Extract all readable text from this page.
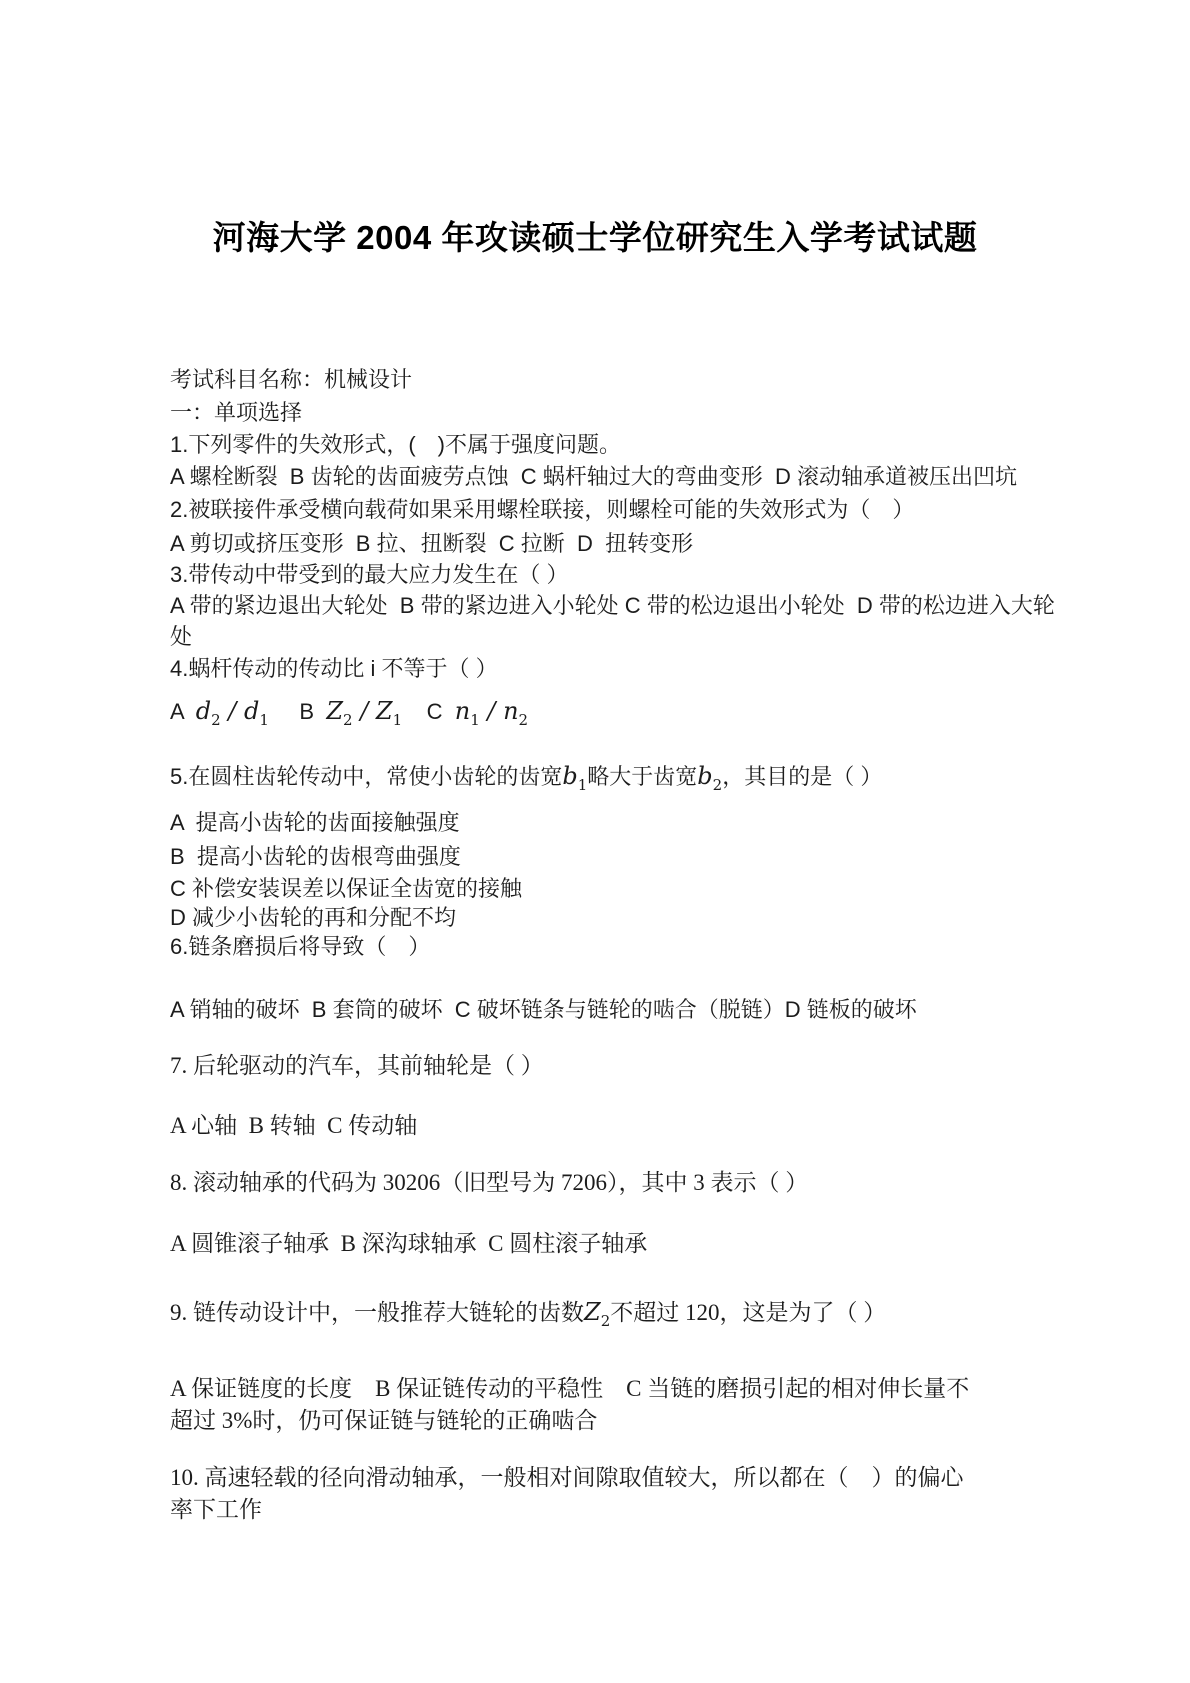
河海大学 2004 年攻读硕士学位研究生入学考试试题
考试科目名称：机械设计
一：单项选择
1.下列零件的失效形式，(　)不属于强度问题。
A 螺栓断裂  B 齿轮的齿面疲劳点蚀  C 蜗杆轴过大的弯曲变形  D 滚动轴承道被压出凹坑
2.被联接件承受横向载荷如果采用螺栓联接，则螺栓可能的失效形式为（　）
A 剪切或挤压变形  B 拉、扭断裂  C 拉断  D  扭转变形
3.带传动中带受到的最大应力发生在（ ）
A 带的紧边退出大轮处  B 带的紧边进入小轮处 C 带的松边退出小轮处  D 带的松边进入大轮
处
4.蜗杆传动的传动比 i 不等于（ ）
A  $d_2 / d_1$     B  $Z_2 / Z_1$    C  $n_1 / n_2$
5.在圆柱齿轮传动中，常使小齿轮的齿宽$b_1$略大于齿宽$b_2$，其目的是（ ）
A  提高小齿轮的齿面接触强度
B  提高小齿轮的齿根弯曲强度
C 补偿安装误差以保证全齿宽的接触
D 减少小齿轮的再和分配不均
6.链条磨损后将导致（　）
A 销轴的破坏  B 套筒的破坏  C 破坏链条与链轮的啮合（脱链）D 链板的破坏
7. 后轮驱动的汽车，其前轴轮是（ ）
A 心轴  B 转轴  C 传动轴
8. 滚动轴承的代码为 30206（旧型号为 7206），其中 3 表示（ ）
A 圆锥滚子轴承  B 深沟球轴承  C 圆柱滚子轴承
9. 链传动设计中，一般推荐大链轮的齿数$Z_2$不超过 120，这是为了（ ）
A 保证链度的长度    B 保证链传动的平稳性    C 当链的磨损引起的相对伸长量不
超过 3%时，仍可保证链与链轮的正确啮合
10. 高速轻载的径向滑动轴承，一般相对间隙取值较大，所以都在（　）的偏心
率下工作
